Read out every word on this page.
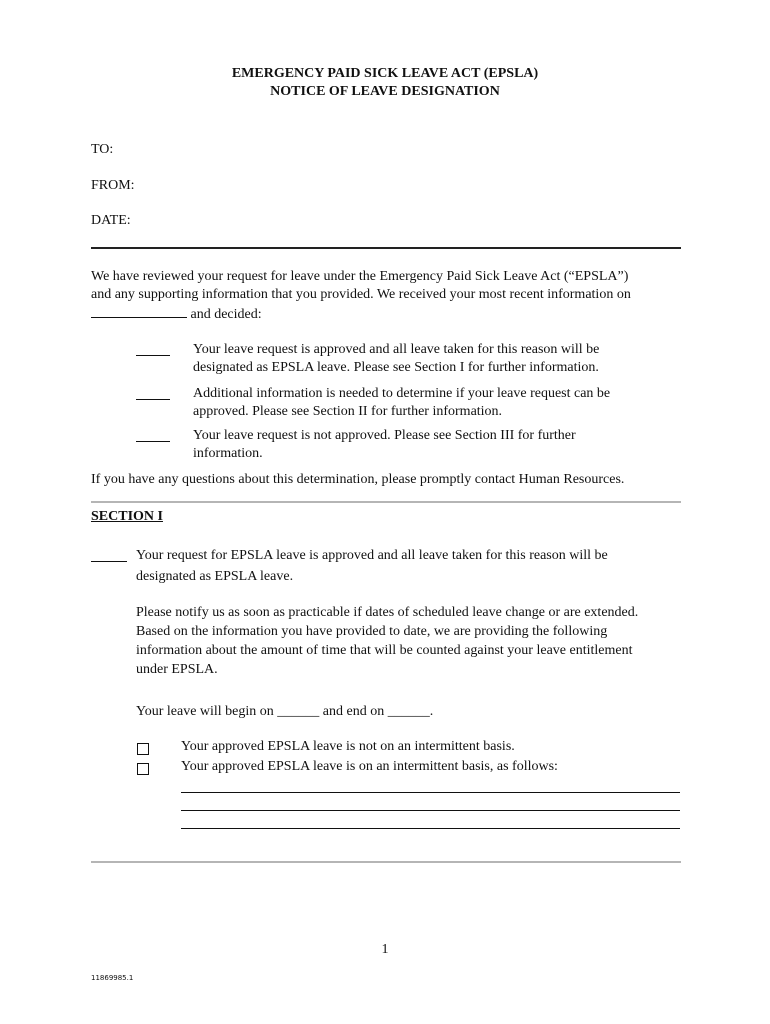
EMERGENCY PAID SICK LEAVE ACT (EPSLA)
NOTICE OF LEAVE DESIGNATION
TO:
FROM:
DATE:
We have reviewed your request for leave under the Emergency Paid Sick Leave Act (“EPSLA”)
and any supporting information that you provided. We received your most recent information on
and decided:
Your leave request is approved and all leave taken for this reason will be
designated as EPSLA leave. Please see Section I for further information.
Additional information is needed to determine if your leave request can be
approved. Please see Section II for further information.
Your leave request is not approved. Please see Section III for further
information.
If you have any questions about this determination, please promptly contact Human Resources.
SECTION I
Your request for EPSLA leave is approved and all leave taken for this reason will be
designated as EPSLA leave.
Please notify us as soon as practicable if dates of scheduled leave change or are extended.
Based on the information you have provided to date, we are providing the following
information about the amount of time that will be counted against your leave entitlement
under EPSLA.
Your leave will begin on ______ and end on ______.
Your approved EPSLA leave is not on an intermittent basis.
Your approved EPSLA leave is on an intermittent basis, as follows:
1
11869985.1
